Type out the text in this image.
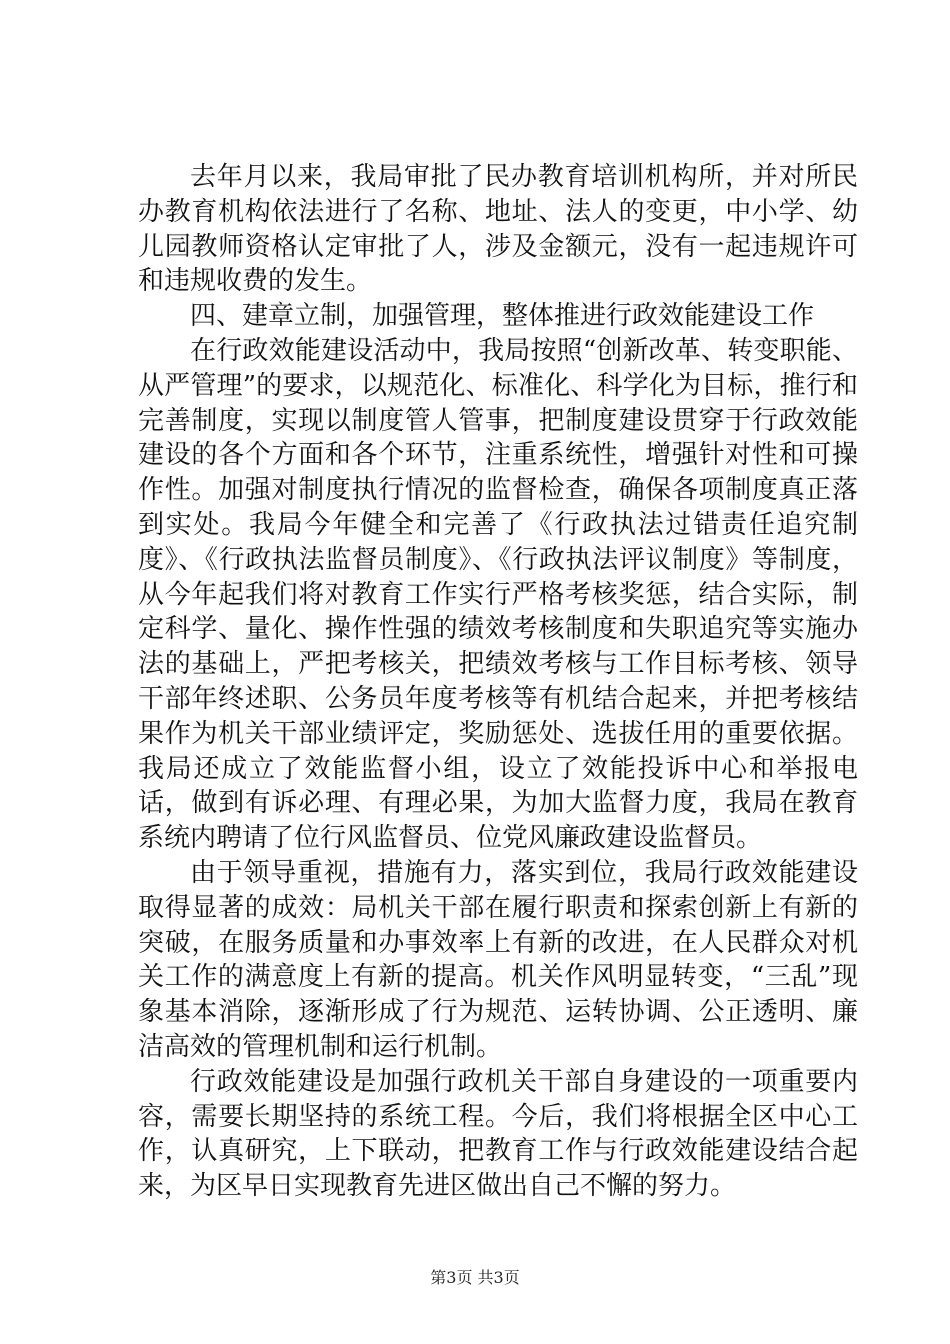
去年月以来，我局审批了民办教育培训机构所，并对所民办教育机构依法进行了名称、地址、法人的变更，中小学、幼儿园教师资格认定审批了人，涉及金额元，没有一起违规许可和违规收费的发生。

四、建章立制，加强管理，整体推进行政效能建设工作

在行政效能建设活动中，我局按照“创新改革、转变职能、从严管理”的要求，以规范化、标准化、科学化为目标，推行和完善制度，实现以制度管人管事，把制度建设贯穿于行政效能建设的各个方面和各个环节，注重系统性，增强针对性和可操作性。加强对制度执行情况的监督检查，确保各项制度真正落到实处。我局今年健全和完善了《行政执法过错责任追究制度》、《行政执法监督员制度》、《行政执法评议制度》等制度，从今年起我们将对教育工作实行严格考核奖惩，结合实际，制定科学、量化、操作性强的绩效考核制度和失职追究等实施办法的基础上，严把考核关，把绩效考核与工作目标考核、领导干部年终述职、公务员年度考核等有机结合起来，并把考核结果作为机关干部业绩评定，奖励惩处、选拔任用的重要依据。我局还成立了效能监督小组，设立了效能投诉中心和举报电话，做到有诉必理、有理必果，为加大监督力度，我局在教育系统内聘请了位行风监督员、位党风廉政建设监督员。

由于领导重视，措施有力，落实到位，我局行政效能建设取得显著的成效：局机关干部在履行职责和探索创新上有新的突破，在服务质量和办事效率上有新的改进，在人民群众对机关工作的满意度上有新的提高。机关作风明显转变，“三乱”现象基本消除，逐渐形成了行为规范、运转协调、公正透明、廉洁高效的管理机制和运行机制。

行政效能建设是加强行政机关干部自身建设的一项重要内容，需要长期坚持的系统工程。今后，我们将根据全区中心工作，认真研究，上下联动，把教育工作与行政效能建设结合起来，为区早日实现教育先进区做出自己不懈的努力。

第3页 共3页
